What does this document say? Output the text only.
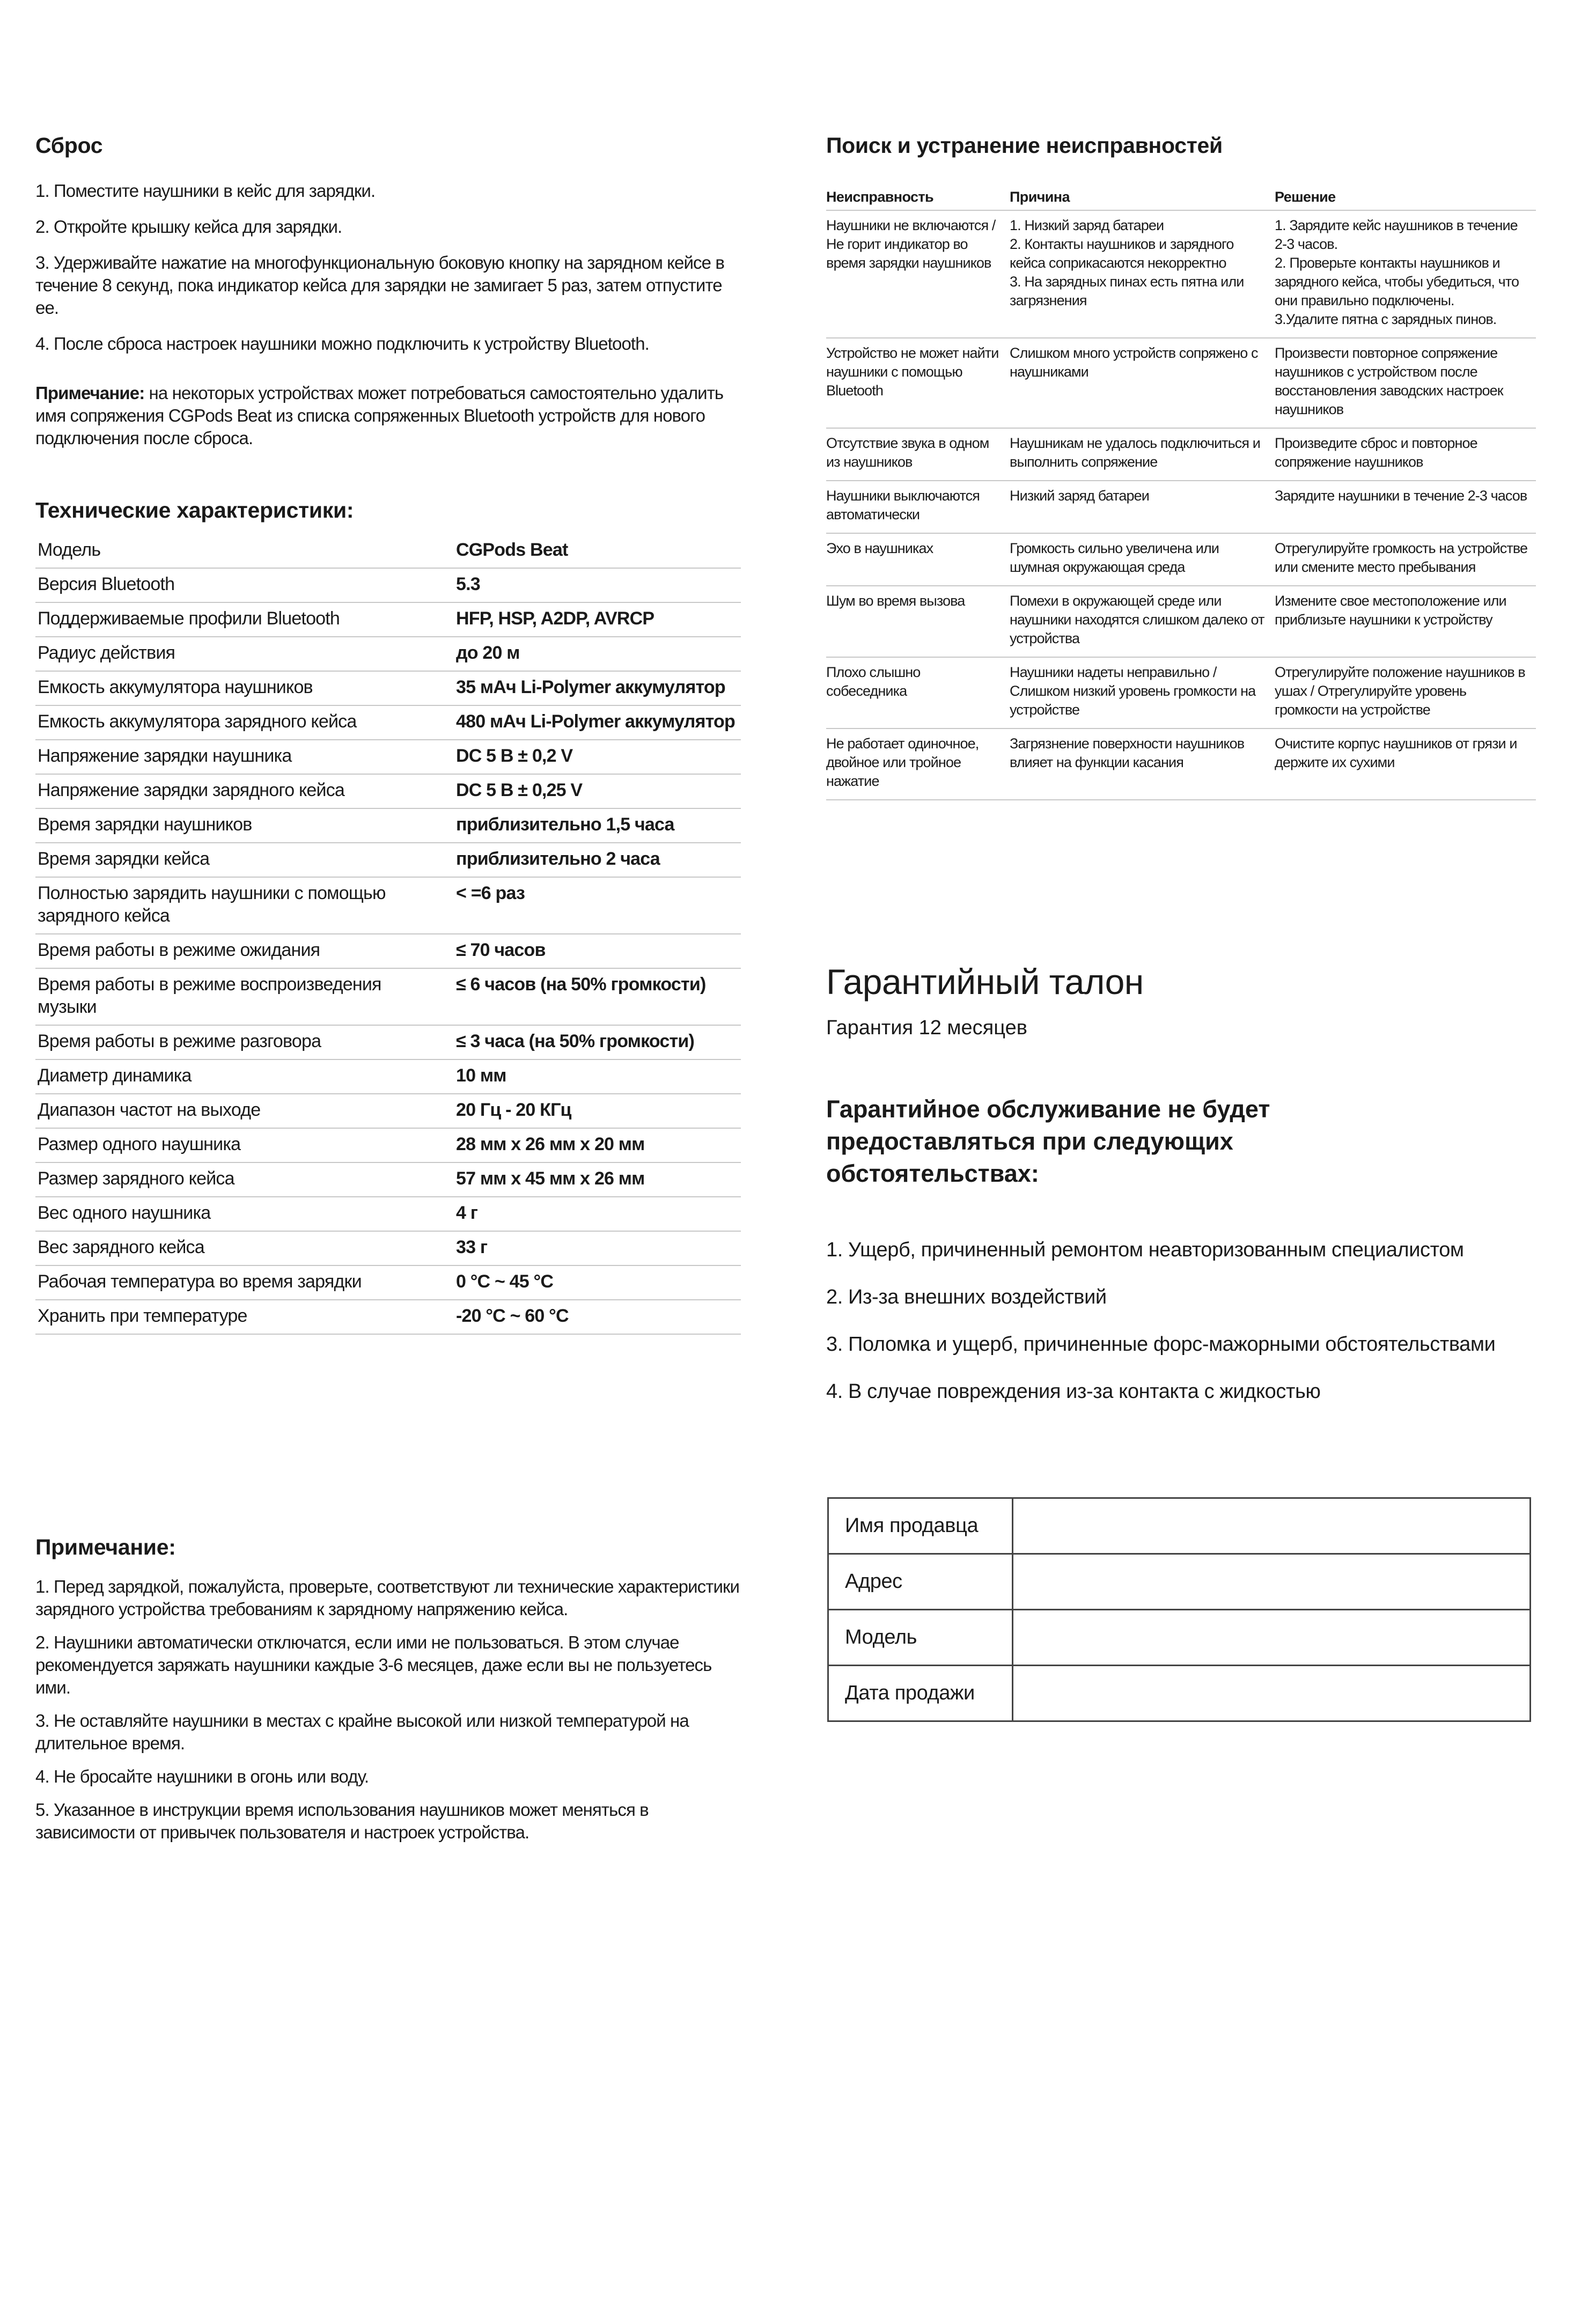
Сброс

1. Поместите наушники в кейс для зарядки.

2. Откройте крышку кейса для зарядки.

3. Удерживайте нажатие на многофункциональную боковую кнопку на зарядном кейсе в течение 8 секунд, пока индикатор кейса для зарядки не замигает 5 раз, затем отпустите ее.

4. После сброса настроек наушники можно подключить к устройству Bluetooth.

Примечание: на некоторых устройствах может потребоваться самостоятельно удалить имя сопряжения CGPods Beat из списка сопряженных Bluetooth устройств для нового подключения после сброса.

Технические характеристики:
Модель	CGPods Beat
Версия Bluetooth	5.3
Поддерживаемые профили Bluetooth	HFP, HSP, A2DP, AVRCP
Радиус действия	до 20 м
Емкость аккумулятора наушников	35 мАч Li-Polymer аккумулятор
Емкость аккумулятора зарядного кейса	480 мАч Li-Polymer аккумулятор
Напряжение зарядки наушника	DC 5 В ± 0,2 V
Напряжение зарядки зарядного кейса	DC 5 В ± 0,25 V
Время зарядки наушников	приблизительно 1,5 часа
Время зарядки кейса	приблизительно 2 часа
Полностью зарядить наушники с помощью зарядного кейса	< =6 раз
Время работы в режиме ожидания	≤ 70 часов
Время работы в режиме воспроизведения музыки	≤ 6 часов (на 50% громкости)
Время работы в режиме разговора	≤ 3 часа (на 50% громкости)
Диаметр динамика	10 мм
Диапазон частот на выходе	20 Гц - 20 КГц
Размер одного наушника	28 мм x 26 мм x 20 мм
Размер зарядного кейса	57 мм x 45 мм x 26 мм
Вес одного наушника	4 г
Вес зарядного кейса	33 г
Рабочая температура во время зарядки	0 °С ~ 45 °С
Хранить при температуре	-20 °С ~ 60 °С
Примечание:

1. Перед зарядкой, пожалуйста, проверьте, соответствуют ли технические характеристики зарядного устройства требованиям к зарядному напряжению кейса.

2. Наушники автоматически отключатся, если ими не пользоваться. В этом случае рекомендуется заряжать наушники каждые 3-6 месяцев, даже если вы не пользуетесь ими.

3. Не оставляйте наушники в местах с крайне высокой или низкой температурой на длительное время.

4. Не бросайте наушники в огонь или воду.

5. Указанное в инструкции время использования наушников может меняться в зависимости от привычек пользователя и настроек устройства.

Поиск и устранение неисправностей
Неисправность	Причина	Решение
Наушники не включаются / Не горит индикатор во время зарядки наушников	1. Низкий заряд батареи
2. Контакты наушников и зарядного кейса соприкасаются некорректно
3. На зарядных пинах есть пятна или загрязнения	1. Зарядите кейс наушников в течение 2-3 часов.
2. Проверьте контакты наушников и зарядного кейса, чтобы убедиться, что они правильно подключены.
3.Удалите пятна с зарядных пинов.
Устройство не может найти наушники с помощью Bluetooth	Слишком много устройств сопряжено с наушниками	Произвести повторное сопряжение наушников с устройством после восстановления заводских настроек наушников
Отсутствие звука в одном из наушников	Наушникам не удалось подключиться и выполнить сопряжение	Произведите сброс и повторное сопряжение наушников
Наушники выключаются автоматически	Низкий заряд батареи	Зарядите наушники в течение 2-3 часов
Эхо в наушниках	Громкость сильно увеличена или шумная окружающая среда	Отрегулируйте громкость на устройстве или смените место пребывания
Шум во время вызова	Помехи в окружающей среде или наушники находятся слишком далеко от устройства	Измените свое местоположение или приблизьте наушники к устройству
Плохо слышно собеседника	Наушники надеты неправильно / Слишком низкий уровень громкости на устройстве	Отрегулируйте положение наушников в ушах / Отрегулируйте уровень громкости на устройстве
Не работает одиночное, двойное или тройное нажатие	Загрязнение поверхности наушников влияет на функции касания	Очистите корпус наушников от грязи и держите их сухими
Гарантийный талон

Гарантия 12 месяцев

Гарантийное обслуживание не будет предоставляться при следующих обстоятельствах:

1. Ущерб, причиненный ремонтом неавторизованным специалистом

2. Из-за внешних воздействий

3. Поломка и ущерб, причиненные форс-мажорными обстоятельствами

4. В случае повреждения из-за контакта с жидкостью

Имя продавца	
Адрес	
Модель	
Дата продажи	
